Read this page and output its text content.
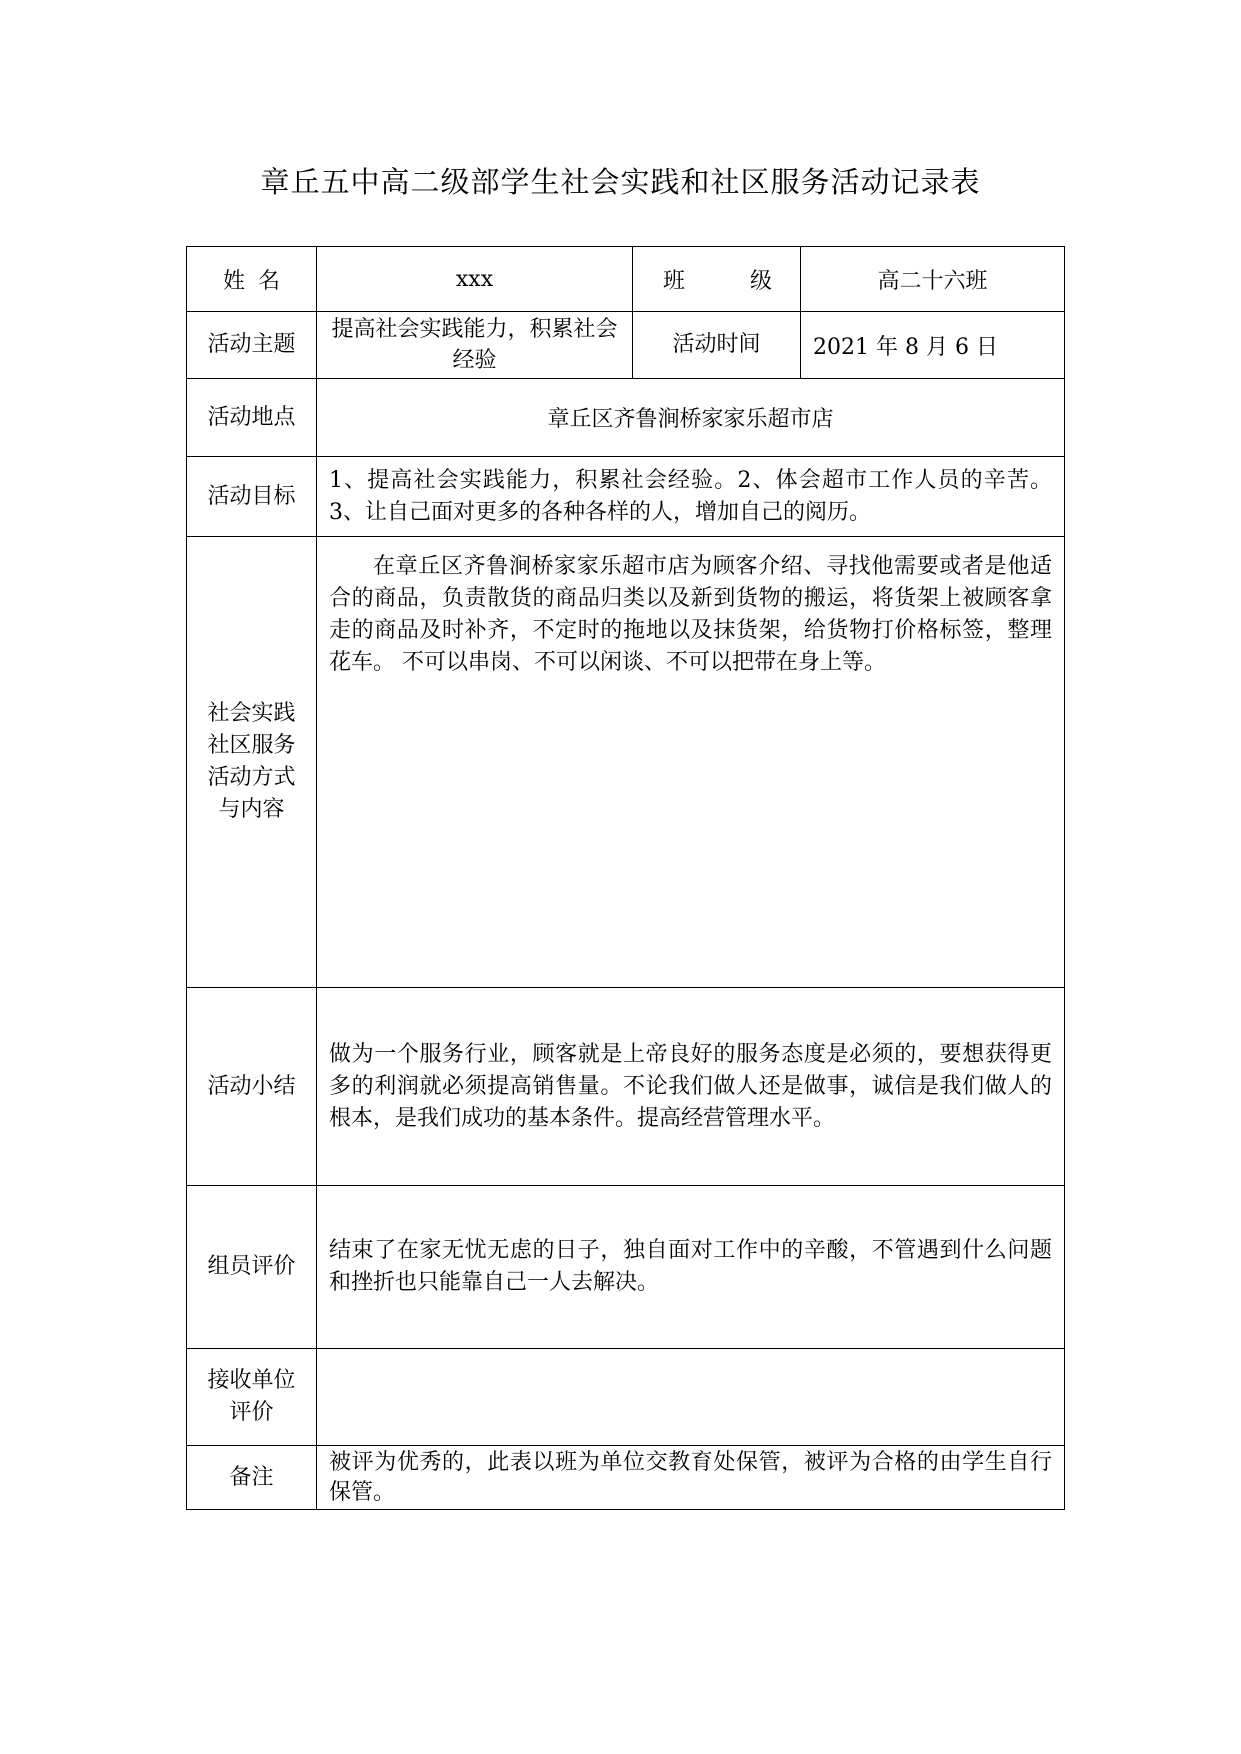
章丘五中高二级部学生社会实践和社区服务活动记录表
姓 名	xxx	班 级	高二十六班
活动主题	提高社会实践能力，积累社会经验	活动时间	2021 年 8 月 6 日
活动地点	章丘区齐鲁涧桥家家乐超市店		
活动目标	1、提高社会实践能力，积累社会经验。2、体会超市工作人员的辛苦。3、让自己面对更多的各种各样的人，增加自己的阅历。		
社会实践社区服务活动方式与内容	在章丘区齐鲁涧桥家家乐超市店为顾客介绍、寻找他需要或者是他适合的商品，负责散货的商品归类以及新到货物的搬运，将货架上被顾客拿走的商品及时补齐，不定时的拖地以及抹货架，给货物打价格标签，整理花车。 不可以串岗、不可以闲谈、不可以把带在身上等。		
活动小结	做为一个服务行业，顾客就是上帝良好的服务态度是必须的，要想获得更多的利润就必须提高销售量。不论我们做人还是做事，诚信是我们做人的根本，是我们成功的基本条件。提高经营管理水平。		
组员评价	结束了在家无忧无虑的日子，独自面对工作中的辛酸，不管遇到什么问题和挫折也只能靠自己一人去解决。		
接收单位评价			
备注	被评为优秀的，此表以班为单位交教育处保管，被评为合格的由学生自行保管。		
